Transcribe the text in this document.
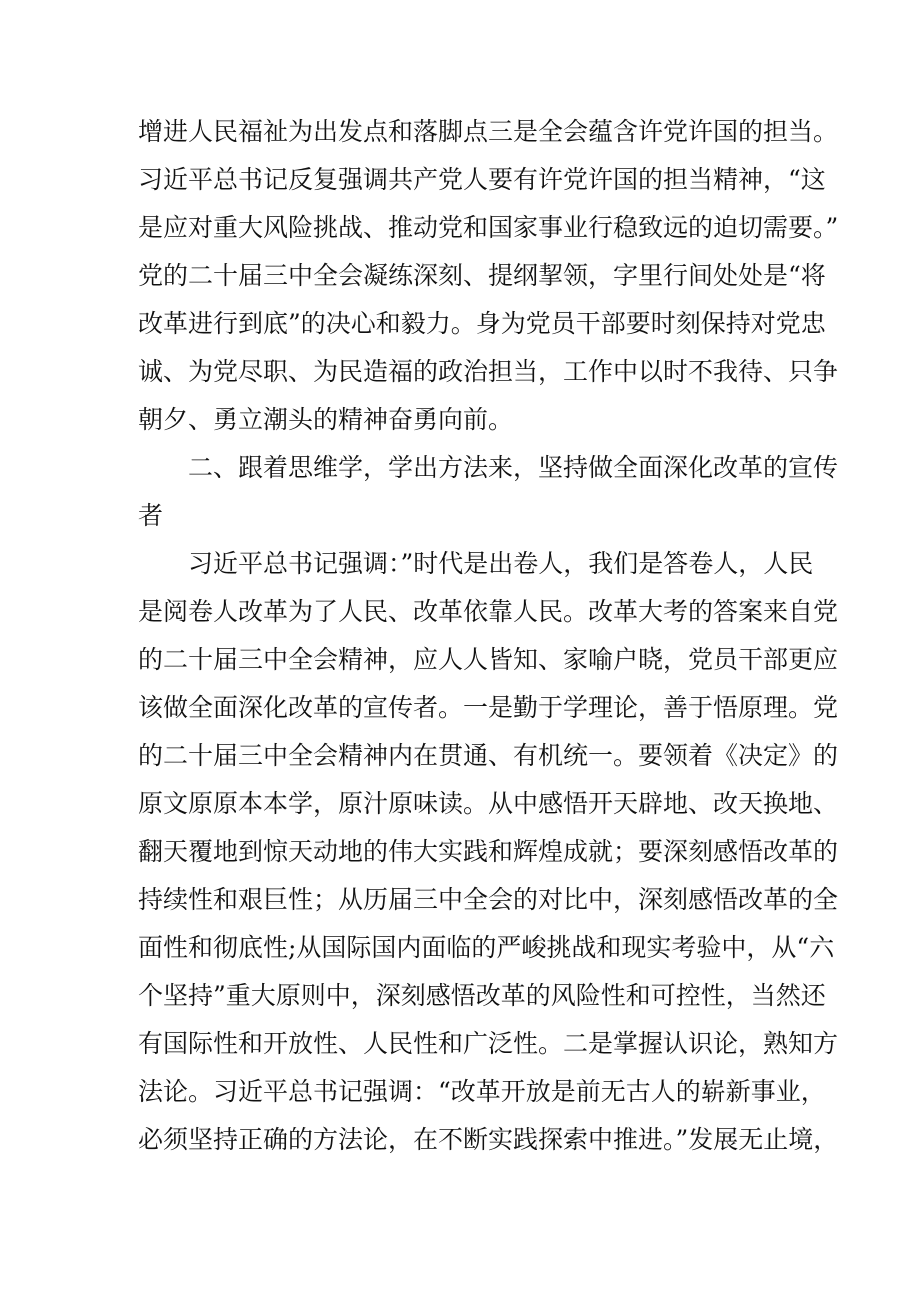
增进人民福祉为出发点和落脚点三是全会蕴含许党许国的担当。
习近平总书记反复强调共产党人要有许党许国的担当精神，“这
是应对重大风险挑战、推动党和国家事业行稳致远的迫切需要。”
党的二十届三中全会凝练深刻、提纲挈领，字里行间处处是“将
改革进行到底”的决心和毅力。身为党员干部要时刻保持对党忠
诚、为党尽职、为民造福的政治担当，工作中以时不我待、只争
朝夕、勇立潮头的精神奋勇向前。
　　二、跟着思维学，学出方法来，坚持做全面深化改革的宣传
者
　　习近平总书记强调：”时代是出卷人，我们是答卷人，人民
是阅卷人改革为了人民、改革依靠人民。改革大考的答案来自党
的二十届三中全会精神，应人人皆知、家喻户晓，党员干部更应
该做全面深化改革的宣传者。一是勤于学理论，善于悟原理。党
的二十届三中全会精神内在贯通、有机统一。要领着《决定》的
原文原原本本学，原汁原味读。从中感悟开天辟地、改天换地、
翻天覆地到惊天动地的伟大实践和辉煌成就；要深刻感悟改革的
持续性和艰巨性；从历届三中全会的对比中，深刻感悟改革的全
面性和彻底性;从国际国内面临的严峻挑战和现实考验中，从“六
个坚持”重大原则中，深刻感悟改革的风险性和可控性，当然还
有国际性和开放性、人民性和广泛性。二是掌握认识论，熟知方
法论。习近平总书记强调：“改革开放是前无古人的崭新事业，
必须坚持正确的方法论，在不断实践探索中推进。”发展无止境，
